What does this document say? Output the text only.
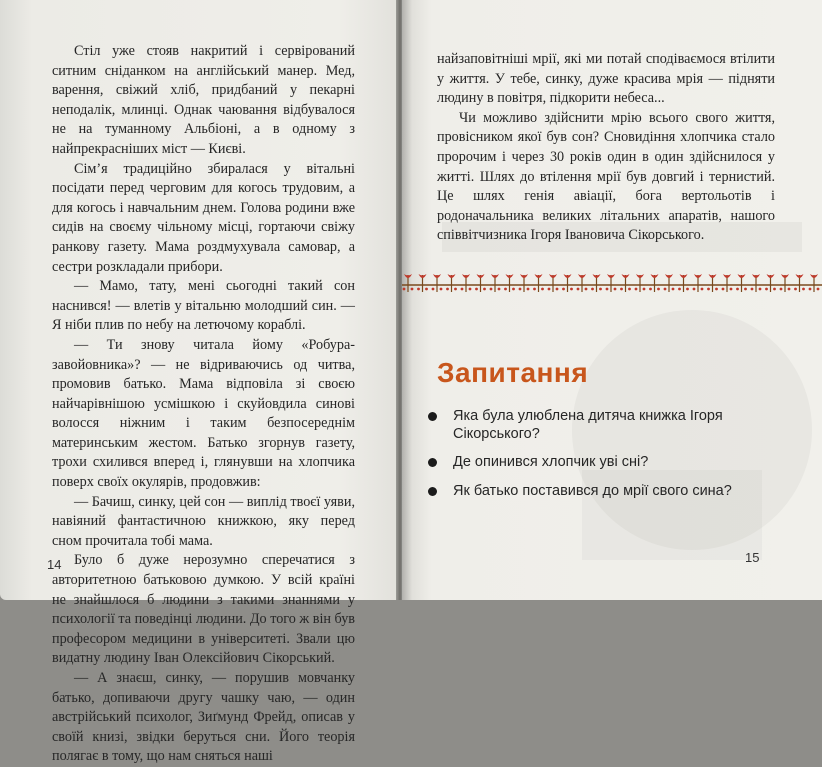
Стіл уже стояв накритий і сервірований ситним сніданком на англійський манер. Мед, варення, свіжий хліб, придбаний у пекарні неподалік, млинці. Однак чаювання відбувалося не на туманному Альбіоні, а в одному з найпрекрасніших міст — Києві.

Сім’я традиційно збиралася у вітальні посідати перед черговим для когось трудовим, а для когось і навчальним днем. Голова родини вже сидів на своєму чільному місці, гортаючи свіжу ранкову газету. Мама роздмухувала самовар, а сестри розкладали прибори.

— Мамо, тату, мені сьогодні такий сон наснився! — влетів у вітальню молодший син. — Я ніби плив по небу на летючому кораблі.

— Ти знову читала йому «Робура-завойовника»? — не відриваючись од читва, промовив батько. Мама відповіла зі своєю найчарівнішою усмішкою і скуйовдила синові волосся ніжним і таким безпосереднім материнським жестом. Батько згорнув газету, трохи схилився вперед і, глянувши на хлопчика поверх своїх окулярів, продовжив:

— Бачиш, синку, цей сон — виплід твоєї уяви, навіяний фантастичною книжкою, яку перед сном прочитала тобі мама.

Було б дуже нерозумно сперечатися з авторитетною батьковою думкою. У всій країні не знайшлося б людини з такими знаннями у психології та поведінці людини. До того ж він був професором медицини в університеті. Звали цю видатну людину Іван Олексійович Сікорський.

— А знаєш, синку, — порушив мовчанку батько, допиваючи другу чашку чаю, — один австрійський психолог, Зиґмунд Фрейд, описав у своїй книзі, звідки беруться сни. Його теорія полягає в тому, що нам сняться наші

14

найзаповітніші мрії, які ми потай сподіваємося втілити у життя. У тебе, синку, дуже красива мрія — підняти людину в повітря, підкорити небеса...

Чи можливо здійснити мрію всього свого життя, провісником якої був сон? Сновидіння хлопчика стало пророчим і через 30 років один в один здійснилося у житті. Шлях до втілення мрії був довгий і тернистий. Це шлях генія авіації, бога вертольотів і родоначальника великих літальних апаратів, нашого співвітчизника Ігоря Івановича Сікорського.

Запитання
Яка була улюблена дитяча книжка Ігоря Сікорського?
Де опинився хлопчик уві сні?
Як батько поставився до мрії свого сина?
15
